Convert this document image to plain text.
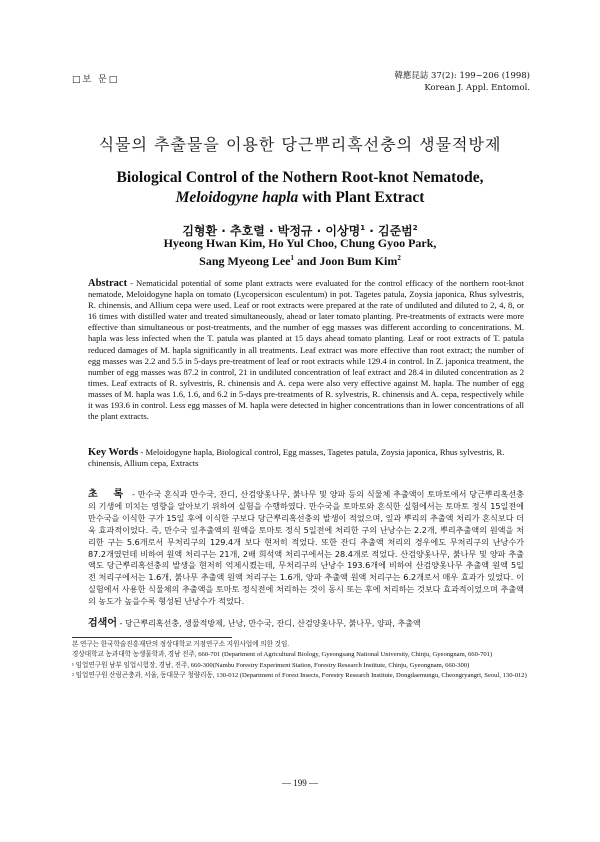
□보 문□	韓應昆誌 37(2): 199~206 (1998)
Korean J. Appl. Entomol.
식물의 추출물을 이용한 당근뿌리혹선충의 생물적방제
Biological Control of the Nothern Root-knot Nematode,
Meloidogyne hapla with Plant Extract
김형환 · 추호렬 · 박정규 · 이상명$^1$ · 김준범$^2$
Hyeong Hwan Kim, Ho Yul Choo, Chung Gyoo Park,
Sang Myeong Lee$^1$ and Joon Bum Kim$^2$
Abstract - Nematicidal potential of some plant extracts were evaluated for the control efficacy of the northern root-knot nematode, Meloidogyne hapla on tomato (Lycopersicon esculentum) in pot. Tagetes patula, Zoysia japonica, Rhus sylvestris, R. chinensis, and Allium cepa were used. Leaf or root extracts were prepared at the rate of undiluted and diluted to 2, 4, 8, or 16 times with distilled water and treated simultaneously, ahead or later tomato planting. Pre-treatments of extracts were more effective than simultaneous or post-treatments, and the number of egg masses was different according to concentrations. M. hapla was less infected when the T. patula was planted at 15 days ahead tomato planting. Leaf or root extracts of T. patula reduced damages of M. hapla significantly in all treatments. Leaf extract was more effective than root extract; the number of egg masses was 2.2 and 5.5 in 5-days pre-treatment of leaf or root extracts while 129.4 in control. In Z. japonica treatment, the number of egg masses was 87.2 in control, 21 in undiluted concentration of leaf extract and 28.4 in diluted concentration as 2 times. Leaf extracts of R. sylvestris, R. chinensis and A. cepa were also very effective against M. hapla. The number of egg masses of M. hapla was 1.6, 1.6, and 6.2 in 5-days pre-treatments of R. sylvestris, R. chinensis and A. cepa, respectively while it was 193.6 in control. Less egg masses of M. hapla were detected in higher concentrations than in lower concentrations of all the plant extracts.
Key Words - Meloidogyne hapla, Biological control, Egg masses, Tagetes patula, Zoysia japonica, Rhus sylvestris, R. chinensis, Allium cepa, Extracts
초 록 - 만수국 혼식과 만수국, 잔디, 산검양옻나무, 붉나무 및 양파 등의 식물체 추출액이 토마토에서 당근뿌리혹선충의 기생에 미치는 영향을 알아보기 위하여 실험을 수행하였다. 만수국을 토마토와 혼식한 실험에서는 토마토 정식 15일전에 만수국을 이식한 구가 15일 후에 이식한 구보다 당근뿌리혹선충의 발생이 적었으며, 잎과 뿌리의 추출액 처리가 혼식보다 더욱 효과적이었다. 즉, 만수국 잎추출액의 원액을 토마토 정식 5일전에 처리한 구의 난낭수는 2.2개, 뿌리추출액의 원액을 처리한 구는 5.6개로서 무처리구의 129.4개 보다 현저히 적었다. 또한 잔디 추출액 처리의 경우에도 무처리구의 난낭수가 87.2개였던데 비하여 원액 처리구는 21개, 2배 희석액 처리구에서는 28.4개로 적었다. 산검양옻나무, 붉나무 및 양파 추출액도 당근뿌리혹선충의 발생을 현저히 억제시켰는데, 무처리구의 난낭수 193.6개에 비하여 산검양옻나무 추출액 원액 5일전 처리구에서는 1.6개, 붉나무 추출액 원액 처리구는 1.6개, 양파 추출액 원액 처리구는 6.2개로서 매우 효과가 있었다. 이 실험에서 사용한 식물체의 추출액을 토마토 정식전에 처리하는 것이 동시 또는 후에 처리하는 것보다 효과적이었으며 추출액의 농도가 높을수록 형성된 난낭수가 적었다.
검색어 - 당근뿌리혹선충, 생물적방제, 난낭, 만수국, 잔디, 산검양옻나무, 붉나무, 양파, 추출액

본 연구는 한국학술진흥재단의 정상대학교 거점연구소 지원사업에 의한 것임.

경상대학교 농과대학 농생물학과, 경남 진주, 660-701 (Department of Agricultural Biology, Gyeongsang National University, Chinju, Gyeongnam, 660-701)

¹ 임업연구원 남부 임업시험장, 경남, 진주, 660-300(Nambu Forestry Experiment Station, Forestry Research Institute, Chinju, Gyeongnam, 660-300)

² 임업연구원 산림곤충과, 서울, 동대문구 청량리동, 130-012 (Department of Forest Insects, Forestry Research Institute, Dongdaemungu, Cheongryangri, Seoul, 130-012)

— 199 —
